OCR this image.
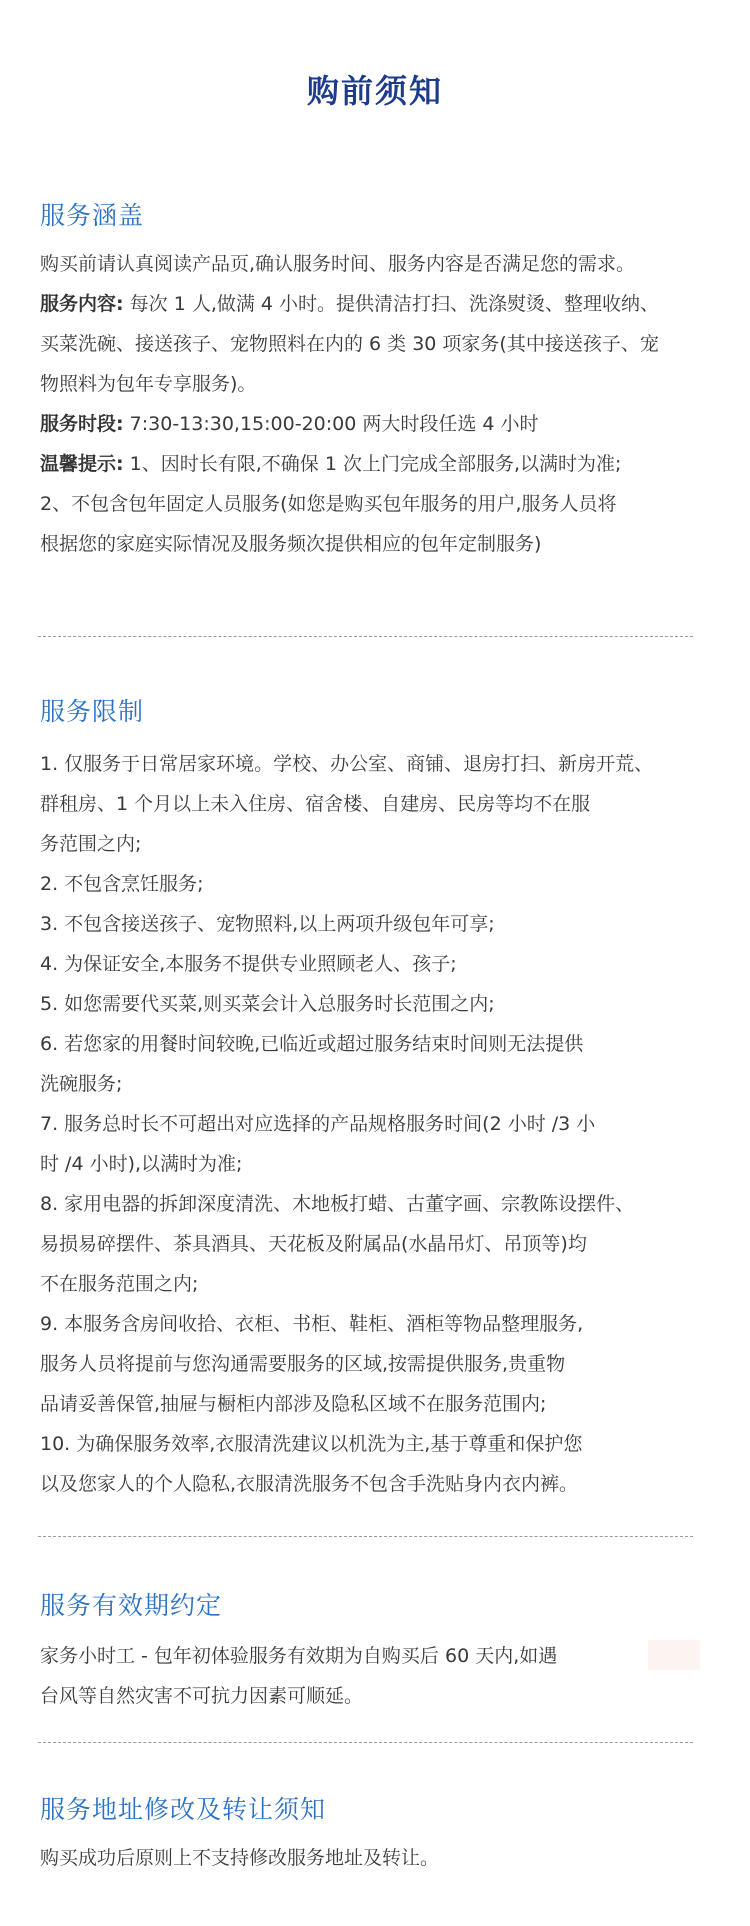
购前须知
服务涵盖
购买前请认真阅读产品页,确认服务时间、服务内容是否满足您的需求。
服务内容: 每次 1 人,做满 4 小时。提供清洁打扫、洗涤熨烫、整理收纳、
买菜洗碗、接送孩子、宠物照料在内的 6 类 30 项家务(其中接送孩子、宠
物照料为包年专享服务)。
服务时段: 7:30-13:30,15:00-20:00 两大时段任选 4 小时
温馨提示: 1、因时长有限,不确保 1 次上门完成全部服务,以满时为准;
2、不包含包年固定人员服务(如您是购买包年服务的用户,服务人员将
根据您的家庭实际情况及服务频次提供相应的包年定制服务)
服务限制
1. 仅服务于日常居家环境。学校、办公室、商铺、退房打扫、新房开荒、
群租房、1 个月以上未入住房、宿舍楼、自建房、民房等均不在服
务范围之内;
2. 不包含烹饪服务;
3. 不包含接送孩子、宠物照料,以上两项升级包年可享;
4. 为保证安全,本服务不提供专业照顾老人、孩子;
5. 如您需要代买菜,则买菜会计入总服务时长范围之内;
6. 若您家的用餐时间较晚,已临近或超过服务结束时间则无法提供
洗碗服务;
7. 服务总时长不可超出对应选择的产品规格服务时间(2 小时 /3 小
时 /4 小时),以满时为准;
8. 家用电器的拆卸深度清洗、木地板打蜡、古董字画、宗教陈设摆件、
易损易碎摆件、茶具酒具、天花板及附属品(水晶吊灯、吊顶等)均
不在服务范围之内;
9. 本服务含房间收拾、衣柜、书柜、鞋柜、酒柜等物品整理服务,
服务人员将提前与您沟通需要服务的区域,按需提供服务,贵重物
品请妥善保管,抽屉与橱柜内部涉及隐私区域不在服务范围内;
10. 为确保服务效率,衣服清洗建议以机洗为主,基于尊重和保护您
以及您家人的个人隐私,衣服清洗服务不包含手洗贴身内衣内裤。
服务有效期约定
家务小时工 - 包年初体验服务有效期为自购买后 60 天内,如遇
台风等自然灾害不可抗力因素可顺延。
服务地址修改及转让须知
购买成功后原则上不支持修改服务地址及转让。
